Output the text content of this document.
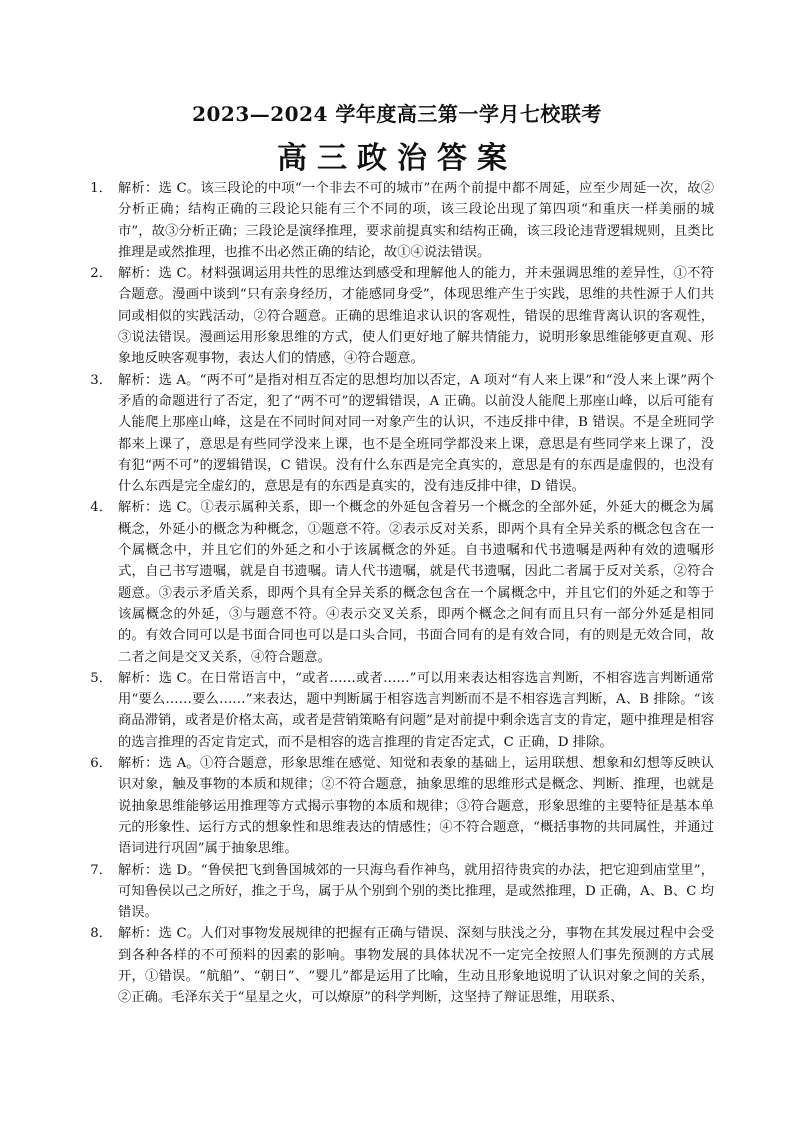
2023—2024 学年度高三第一学月七校联考
高三政治答案
1． 解析：选 C。该三段论的中项“一个非去不可的城市”在两个前提中都不周延，应至少周延一次，故②分析正确；结构正确的三段论只能有三个不同的项，该三段论出现了第四项“和重庆一样美丽的城市”，故③分析正确；三段论是演绎推理，要求前提真实和结构正确，该三段论违背逻辑规则，且类比推理是或然推理，也推不出必然正确的结论，故①④说法错误。
2． 解析：选 C。材料强调运用共性的思维达到感受和理解他人的能力，并未强调思维的差异性，①不符合题意。漫画中谈到“只有亲身经历，才能感同身受”，体现思维产生于实践，思维的共性源于人们共同或相似的实践活动，②符合题意。正确的思维追求认识的客观性，错误的思维背离认识的客观性，③说法错误。漫画运用形象思维的方式，使人们更好地了解共情能力，说明形象思维能够更直观、形象地反映客观事物，表达人们的情感，④符合题意。
3． 解析：选 A。“两不可”是指对相互否定的思想均加以否定，A 项对“有人来上课”和“没人来上课”两个矛盾的命题进行了否定，犯了“两不可”的逻辑错误，A 正确。以前没人能爬上那座山峰，以后可能有人能爬上那座山峰，这是在不同时间对同一对象产生的认识，不违反排中律，B 错误。不是全班同学都来上课了，意思是有些同学没来上课，也不是全班同学都没来上课，意思是有些同学来上课了，没有犯“两不可”的逻辑错误，C 错误。没有什么东西是完全真实的，意思是有的东西是虚假的，也没有什么东西是完全虚幻的，意思是有的东西是真实的，没有违反排中律，D 错误。
4． 解析：选 C。①表示属种关系，即一个概念的外延包含着另一个概念的全部外延，外延大的概念为属概念，外延小的概念为种概念，①题意不符。②表示反对关系，即两个具有全异关系的概念包含在一个属概念中，并且它们的外延之和小于该属概念的外延。自书遗嘱和代书遗嘱是两种有效的遗嘱形式，自己书写遗嘱，就是自书遗嘱。请人代书遗嘱，就是代书遗嘱，因此二者属于反对关系，②符合题意。③表示矛盾关系，即两个具有全异关系的概念包含在一个属概念中，并且它们的外延之和等于该属概念的外延，③与题意不符。④表示交叉关系，即两个概念之间有而且只有一部分外延是相同的。有效合同可以是书面合同也可以是口头合同，书面合同有的是有效合同，有的则是无效合同，故二者之间是交叉关系，④符合题意。
5． 解析：选 C。在日常语言中，“或者……或者……”可以用来表达相容选言判断，不相容选言判断通常用“要么……要么……”来表达，题中判断属于相容选言判断而不是不相容选言判断，A、B 排除。“该商品滞销，或者是价格太高，或者是营销策略有问题”是对前提中剩余选言支的肯定，题中推理是相容的选言推理的否定肯定式，而不是相容的选言推理的肯定否定式，C 正确，D 排除。
6． 解析：选 A。①符合题意，形象思维在感觉、知觉和表象的基础上，运用联想、想象和幻想等反映认识对象，触及事物的本质和规律；②不符合题意，抽象思维的思维形式是概念、判断、推理，也就是说抽象思维能够运用推理等方式揭示事物的本质和规律；③符合题意，形象思维的主要特征是基本单元的形象性、运行方式的想象性和思维表达的情感性；④不符合题意，“概括事物的共同属性，并通过语词进行巩固”属于抽象思维。
7． 解析：选 D。“鲁侯把飞到鲁国城郊的一只海鸟看作神鸟，就用招待贵宾的办法，把它迎到庙堂里”，可知鲁侯以己之所好，推之于鸟，属于从个别到个别的类比推理，是或然推理，D 正确，A、B、C 均错误。
8． 解析：选 C。人们对事物发展规律的把握有正确与错误、深刻与肤浅之分，事物在其发展过程中会受到各种各样的不可预料的因素的影响。事物发展的具体状况不一定完全按照人们事先预测的方式展开，①错误。“航船”、“朝日”、“婴儿”都是运用了比喻，生动且形象地说明了认识对象之间的关系，②正确。毛泽东关于“星星之火，可以燎原”的科学判断，这坚持了辩证思维，用联系、
